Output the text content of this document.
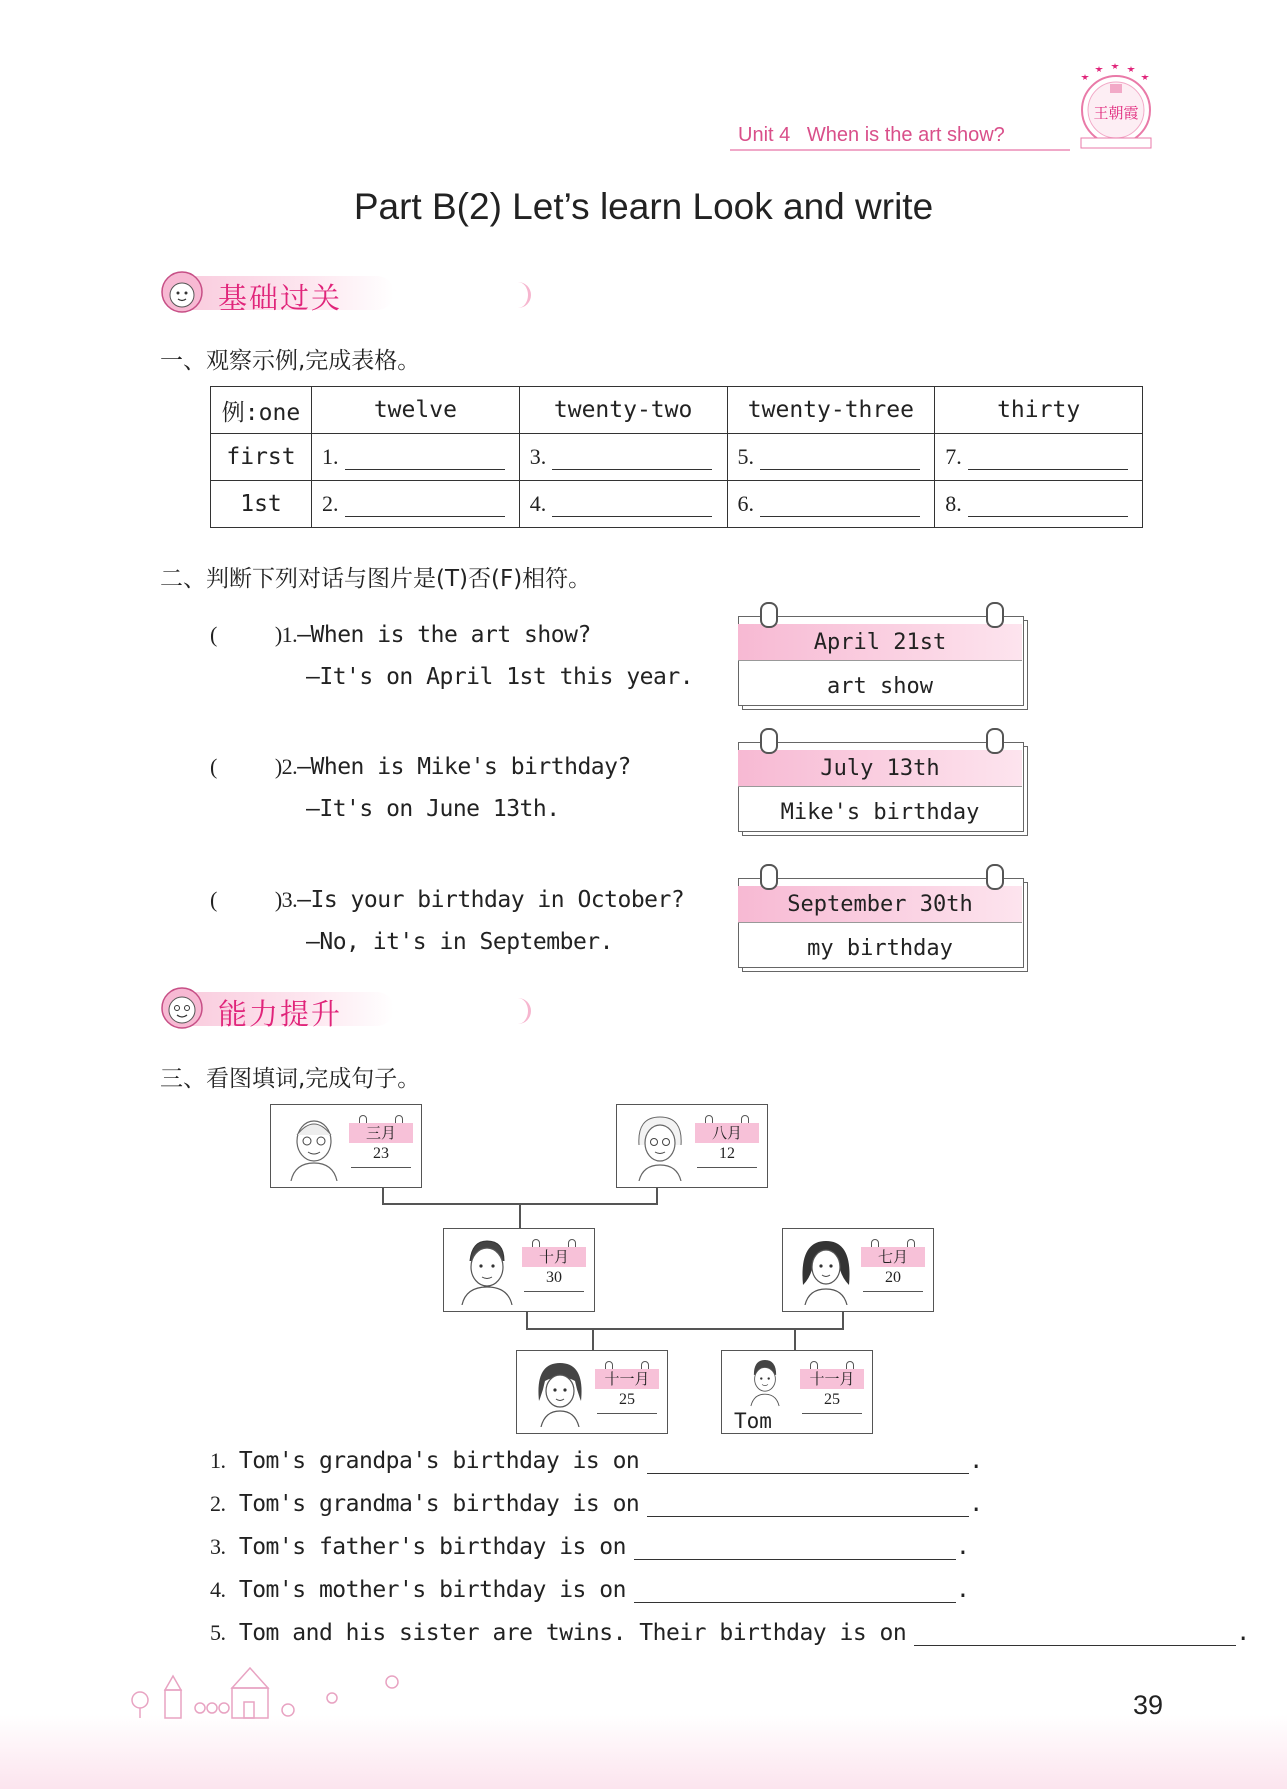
Unit 4 When is the art show?
王朝霞
Part B(2) Let’s learn Look and write
基础过关
一、观察示例,完成表格。
例:one	twelve	twenty-two	twenty-three	thirty
first	1.	3.	5.	7.
1st	2.	4.	6.	8.
二、判断下列对话与图片是(T)否(F)相符。
(	)1.—When is the art show?
—It's on April 1st this year.
(	)2.—When is Mike's birthday?
—It's on June 13th.
(	)3.—Is your birthday in October?
—No, it's in September.
April 21st
art show
July 13th
Mike's birthday
September 30th
my birthday
能力提升
三、看图填词,完成句子。
三月
23
八月
12
十月
30
七月
20
十一月
25
Tom
十一月
25
1. Tom's grandpa's birthday is on	.
2. Tom's grandma's birthday is on	.
3. Tom's father's birthday is on	.
4. Tom's mother's birthday is on	.
5. Tom and his sister are twins. Their birthday is on	.
39
